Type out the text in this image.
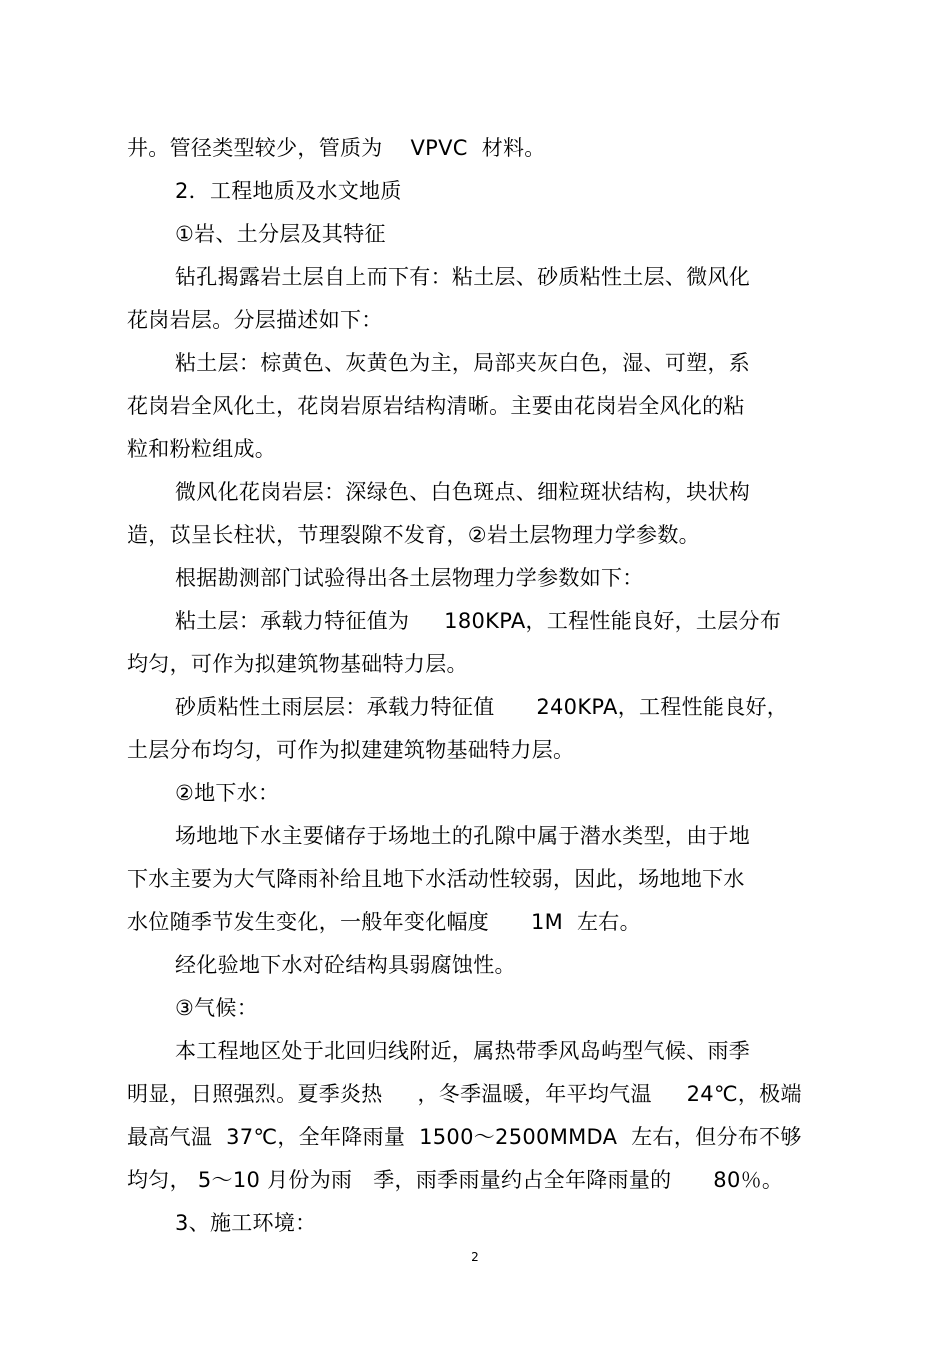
井。管径类型较少，管质为    VPVC  材料。
2．工程地质及水文地质
①岩、土分层及其特征
钻孔揭露岩土层自上而下有：粘土层、砂质粘性土层、微风化
花岗岩层。分层描述如下：
粘土层：棕黄色、灰黄色为主，局部夹灰白色，湿、可塑，系
花岗岩全风化土，花岗岩原岩结构清晰。主要由花岗岩全风化的粘
粒和粉粒组成。
微风化花岗岩层：深绿色、白色斑点、细粒斑状结构，块状构
造，苡呈长柱状，节理裂隙不发育，②岩土层物理力学参数。
根据勘测部门试验得出各土层物理力学参数如下：
粘土层：承载力特征值为     180KPA，工程性能良好，土层分布
均匀，可作为拟建筑物基础特力层。
砂质粘性土雨层层：承载力特征值      240KPA，工程性能良好，
土层分布均匀，可作为拟建建筑物基础特力层。
②地下水：
场地地下水主要储存于场地土的孔隙中属于潜水类型，由于地
下水主要为大气降雨补给且地下水活动性较弱，因此，场地地下水
水位随季节发生变化，一般年变化幅度      1M  左右。
经化验地下水对砼结构具弱腐蚀性。
③气候：
本工程地区处于北回归线附近，属热带季风岛屿型气候、雨季
明显，日照强烈。夏季炎热     ，冬季温暖，年平均气温     24℃，极端
最高气温  37℃，全年降雨量  1500～2500MMDA  左右，但分布不够
均匀， 5～10 月份为雨   季，雨季雨量约占全年降雨量的      80％。
3、施工环境：
2
